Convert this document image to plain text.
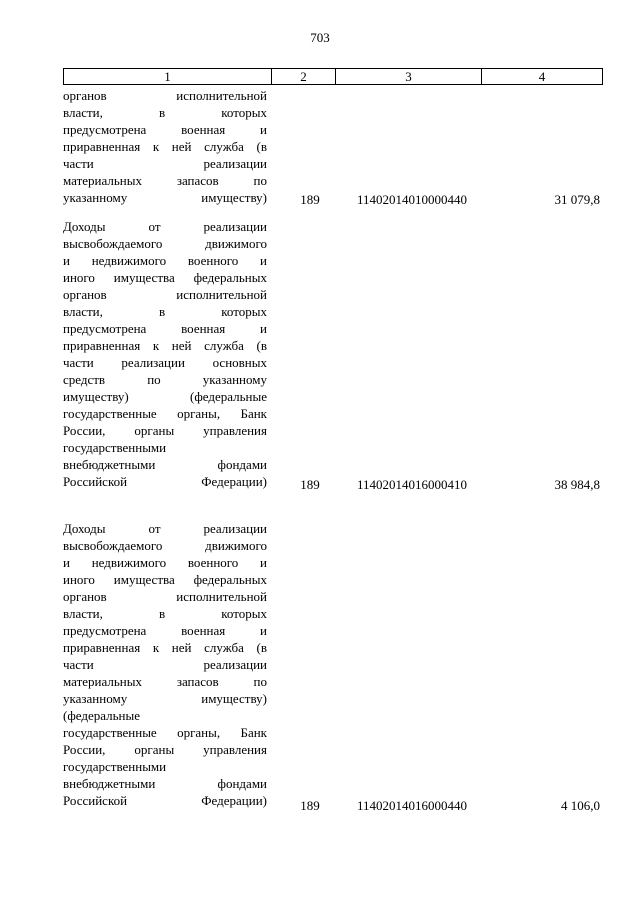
703
1	2	3	4
органов исполнительной
власти, в которых
предусмотрена военная и
приравненная к ней служба (в
части реализации
материальных запасов по
указанному имуществу)	189	11402014010000440	31 079,8
Доходы от реализации
высвобождаемого движимого
и недвижимого военного и
иного имущества федеральных
органов исполнительной
власти, в которых
предусмотрена военная и
приравненная к ней служба (в
части реализации основных
средств по указанному
имуществу) (федеральные
государственные органы, Банк
России, органы управления
государственными
внебюджетными фондами
Российской Федерации)	189	11402014016000410	38 984,8
Доходы от реализации
высвобождаемого движимого
и недвижимого военного и
иного имущества федеральных
органов исполнительной
власти, в которых
предусмотрена военная и
приравненная к ней служба (в
части реализации
материальных запасов по
указанному имуществу)
(федеральные
государственные органы, Банк
России, органы управления
государственными
внебюджетными фондами
Российской Федерации)	189	11402014016000440	4 106,0
